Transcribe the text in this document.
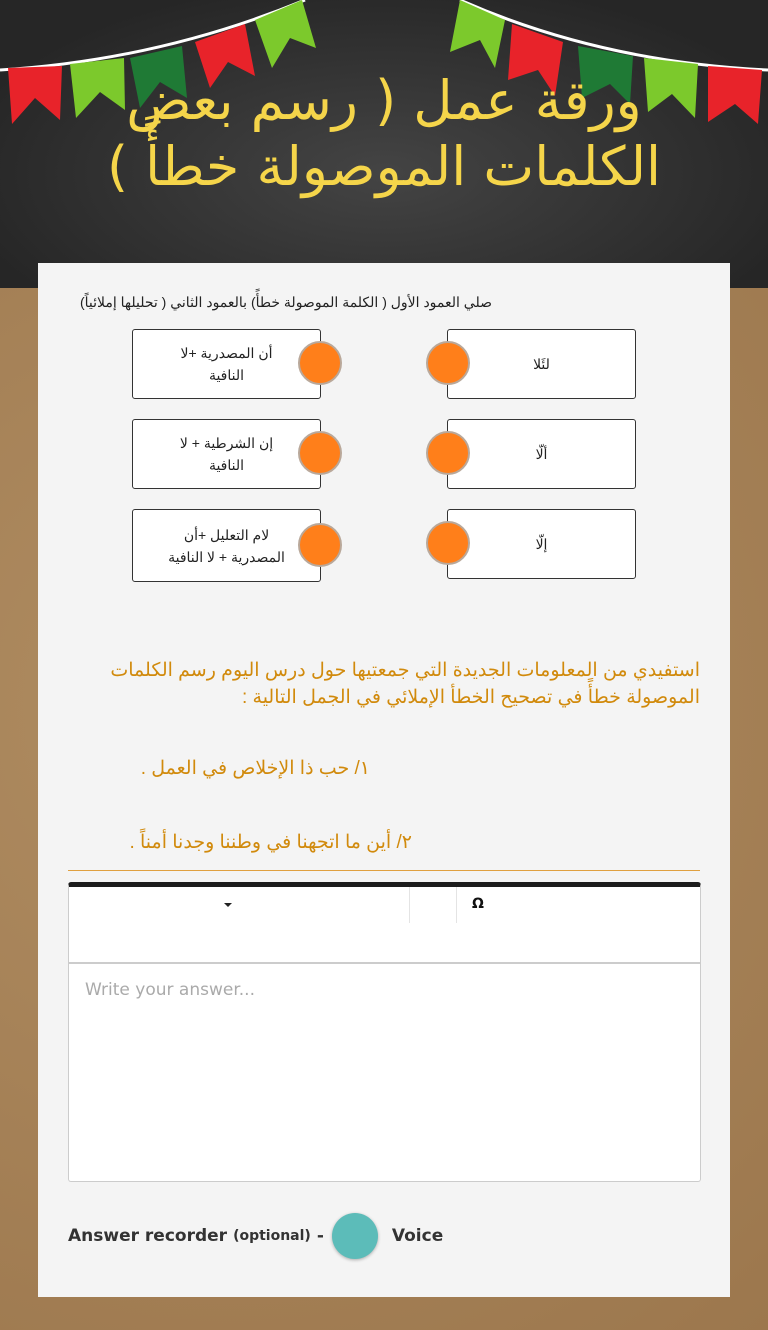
ورقة عمل ( رسم بعض
الكلمات الموصولة خطأً )
صلي العمود الأول ( الكلمة الموصولة خطأً) بالعمود الثاني ( تحليلها إملائياً)
أن المصدرية +لا النافية
إن الشرطية + لا النافية
لام التعليل +أن المصدرية + لا النافية
لئَلا
ألّا
إلّا
استفيدي من المعلومات الجديدة التي جمعتيها حول درس اليوم رسم الكلمات الموصولة خطأً في تصحيح الخطأ الإملائي في الجمل التالية :
١/ حب ذا الإخلاص في العمل .
٢/ أين ما اتجهنا في وطننا وجدنا أمناً .
Ω
Write your answer...
Answer recorder (optional) -	Voice
